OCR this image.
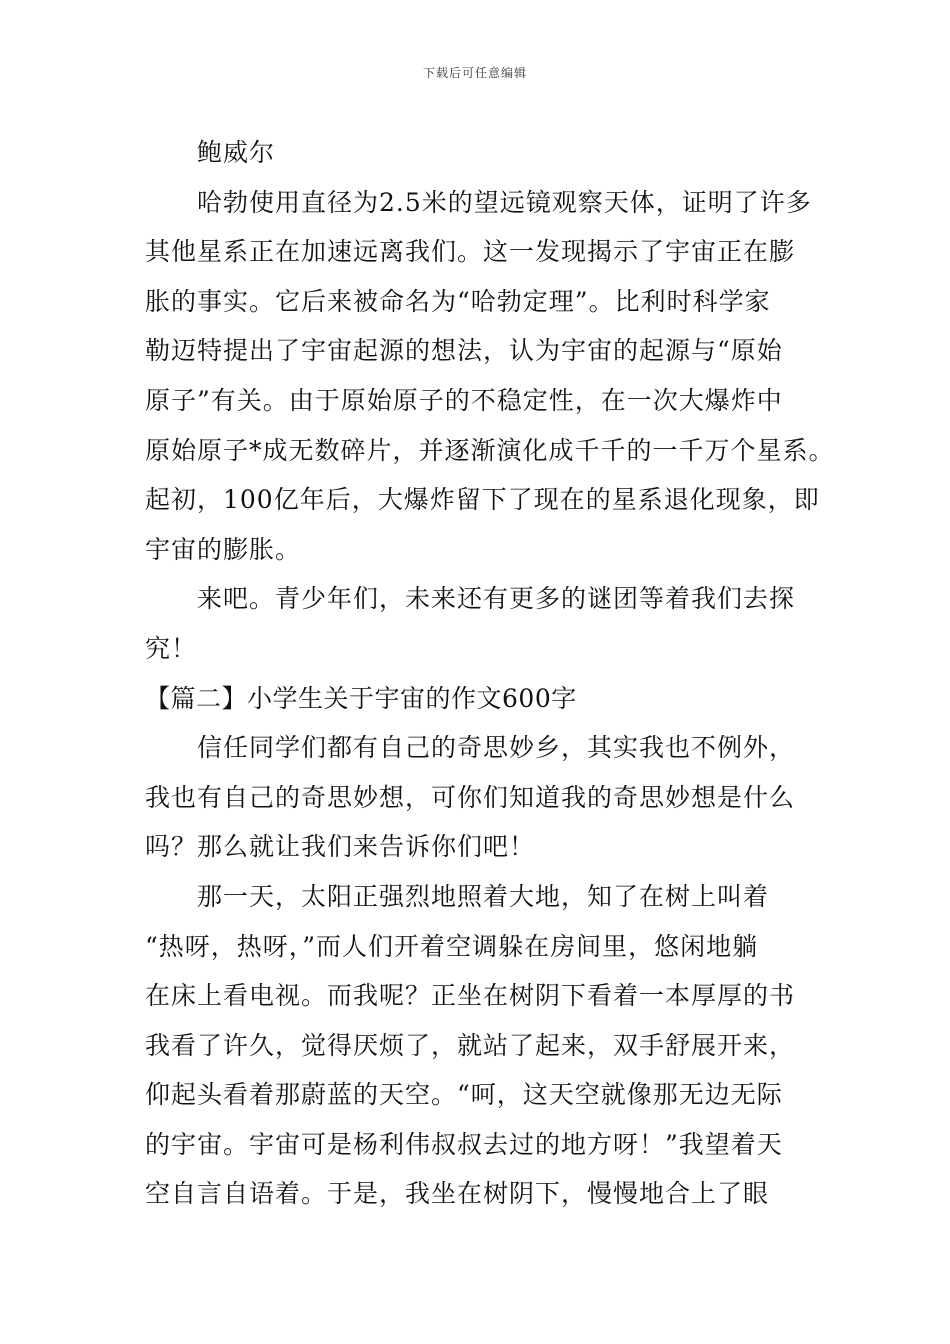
下载后可任意编辑
鲍威尔
哈勃使用直径为2.5米的望远镜观察天体，证明了许多
其他星系正在加速远离我们。这一发现揭示了宇宙正在膨
胀的事实。它后来被命名为“哈勃定理”。比利时科学家
勒迈特提出了宇宙起源的想法，认为宇宙的起源与“原始
原子”有关。由于原始原子的不稳定性，在一次大爆炸中
原始原子*成无数碎片，并逐渐演化成千千的一千万个星系。
起初，100亿年后，大爆炸留下了现在的星系退化现象，即
宇宙的膨胀。
来吧。青少年们，未来还有更多的谜团等着我们去探
究！
【篇二】小学生关于宇宙的作文600字
信任同学们都有自己的奇思妙乡，其实我也不例外，
我也有自己的奇思妙想，可你们知道我的奇思妙想是什么
吗？那么就让我们来告诉你们吧！
那一天，太阳正强烈地照着大地，知了在树上叫着
“热呀，热呀，”而人们开着空调躲在房间里，悠闲地躺
在床上看电视。而我呢？正坐在树阴下看着一本厚厚的书
我看了许久，觉得厌烦了，就站了起来，双手舒展开来，
仰起头看着那蔚蓝的天空。“呵，这天空就像那无边无际
的宇宙。宇宙可是杨利伟叔叔去过的地方呀！”我望着天
空自言自语着。于是，我坐在树阴下，慢慢地合上了眼
